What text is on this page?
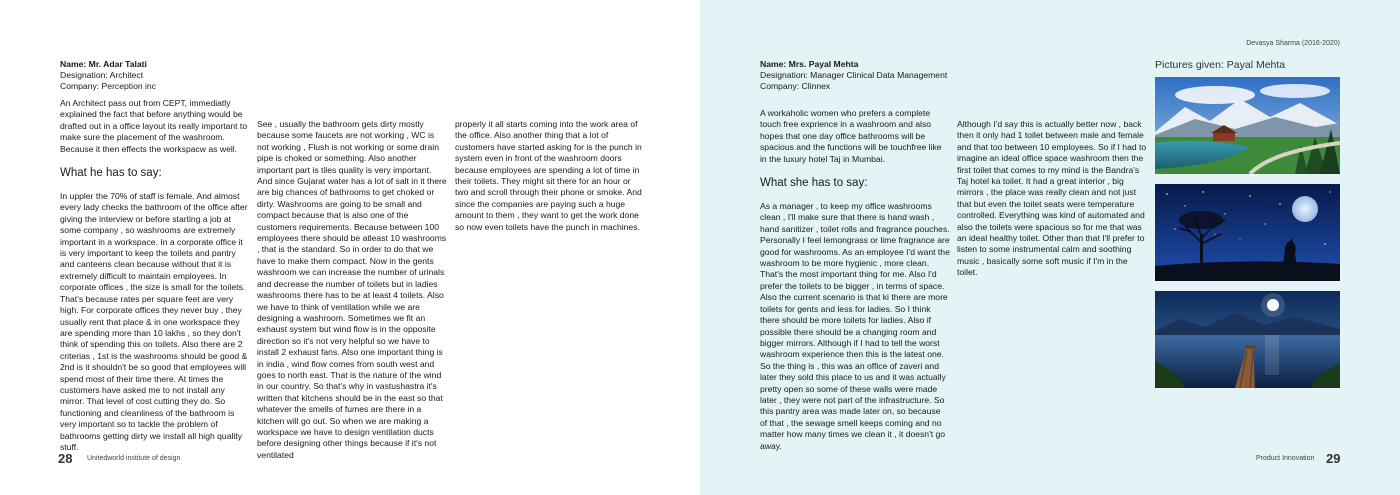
Name: Mr. Adar Talati
Designation: Architect
Company: Perception inc

An Architect pass out from CEPT, immediatly explained the fact that before anything would be drafted out in a office layout its really important to make sure the placement of the washroom. Because it then effects the workspacw as well.

What he has to say:

In uppler the 70% of staff is female. And almost every lady checks the bathroom of the office after giving the interview or before starting a job at some company , so washrooms are extremely important in a workspace. In a corporate office it is very important to keep the toilets and pantry and canteens clean because without that it is extremely difficult to maintain employees. In corporate offices , the size is small for the toilets. That's because rates per square feet are very high. For corporate offices they never buy , they usually rent that place & in one workspace they are spending more than 10 lakhs , so they don't think of spending this on toilets. Also there are 2 criterias , 1st is the washrooms should be good & 2nd is it shouldn't be so good that employees will spend most of their time there. At times the customers have asked me to not install any mirror. That level of cost cutting they do. So functioning and cleanliness of the bathroom is very important so to tackle the problem of bathrooms getting dirty we install all high quality stuff.

See , usually the bathroom gets dirty mostly because some faucets are not working , WC is not working , Flush is not working or some drain pipe is choked or something. Also another important part is tiles quality is very important. And since Gujarat water has a lot of salt in it there are big chances of bathrooms to get choked or dirty. Washrooms are going to be small and compact because that is also one of the customers requirements. Because between 100 employees there should be atleast 10 washrooms , that is the standard. So in order to do that we have to make them compact. Now in the gents washroom we can increase the number of urinals and decrease the number of toilets but in ladies washrooms there has to be at least 4 toilets. Also we have to think of ventilation while we are designing a washroom. Sometimes we fit an exhaust system but wind flow is in the opposite direction so it's not very helpful so we have to install 2 exhaust fans. Also one important thing is in india , wind flow comes from south west and goes to north east. That is the nature of the wind in our country. So that's why in vastushastra it's written that kitchens should be in the east so that whatever the smells of fumes are there in a kitchen will go out. So when we are making a workspace we have to design ventilation ducts before designing other things because if it's not ventilated

properly it all starts coming into the work area of the office. Also another thing that a lot of customers have started asking for is the punch in system even in front of the washroom doors because employees are spending a lot of time in their toilets. They might sit there for an hour or two and scroll through their phone or smoke. And since the companies are paying such a huge amount to them , they want to get the work done so now even toilets have the punch in machines.

28 Unitedworld institute of design
Devasya Sharma (2016-2020)
Name: Mrs. Payal Mehta
Designation: Manager Clinical Data Management
Company: Clinnex

A workaholic women who prefers a complete touch free exprience in a washroom and also hopes that one day office bathrooms will be spacious and the functions will be touchfree like in the luxury hotel Taj in Mumbai.

What she has to say:

As a manager , to keep my office washrooms clean , I'll make sure that there is hand wash , hand sanitizer , toilet rolls and fragrance pouches. Personally I feel lemongrass or lime fragrance are good for washrooms. As an employee I'd want the washroom to be more hygienic , more clean. That's the most important thing for me. Also I'd prefer the toilets to be bigger , in terms of space. Also the current scenario is that ki there are more toilets for gents and less for ladies. So I think there should be more toilets for ladies. Also if possible there should be a changing room and bigger mirrors. Although if I had to tell the worst washroom experience then this is the latest one. So the thing is , this was an office of zaveri and later they sold this place to us and it was actually pretty open so some of these walls were made later , they were not part of the infrastructure. So this pantry area was made later on, so because of that , the sewage smell keeps coming and no matter how many times we clean it , it doesn't go away.

Although I'd say this is actually better now , back then it only had 1 toilet between male and female and that too between 10 employees. So if I had to imagine an ideal office space washroom then the first toilet that comes to my mind is the Bandra's Taj hotel ka toilet. It had a great interior , big mirrors , the place was really clean and not just that but even the toilet seats were temperature controlled. Everything was kind of automated and also the toilets were spacious so for me that was an ideal healthy toilet. Other than that I'll prefer to listen to some instrumental calm and soothing music , basically some soft music if I'm in the toilet.

Pictures given: Payal Mehta
Product Innovation 29
